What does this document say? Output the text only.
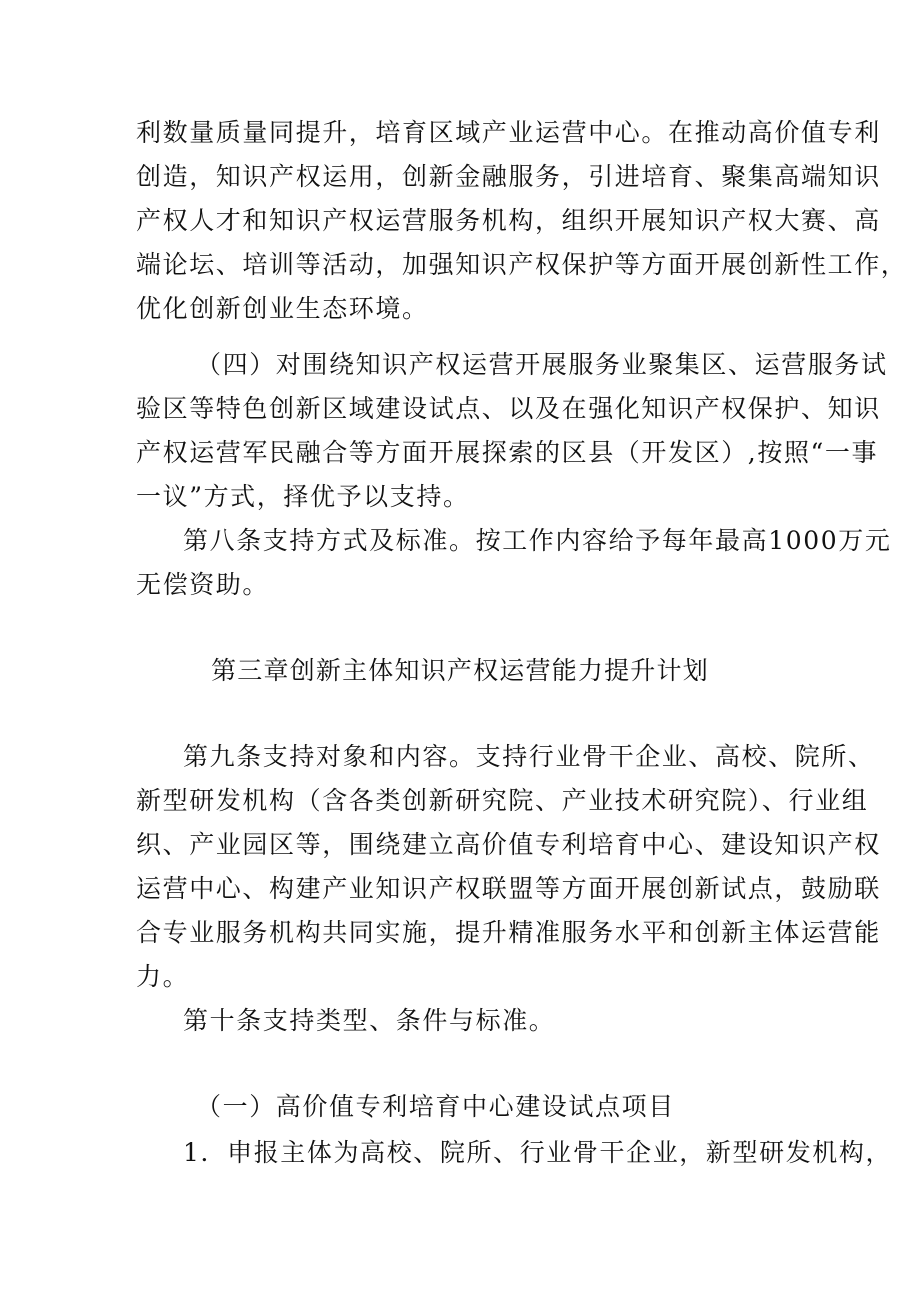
利数量质量同提升，培育区域产业运营中心。在推动高价值专利
创造，知识产权运用，创新金融服务，引进培育、聚集高端知识
产权人才和知识产权运营服务机构，组织开展知识产权大赛、高
端论坛、培训等活动，加强知识产权保护等方面开展创新性工作，
优化创新创业生态环境。
（四）对围绕知识产权运营开展服务业聚集区、运营服务试
验区等特色创新区域建设试点、以及在强化知识产权保护、知识
产权运营军民融合等方面开展探索的区县（开发区）,按照“一事
一议”方式，择优予以支持。
第八条支持方式及标准。按工作内容给予每年最高1000万元
无偿资助。
第三章创新主体知识产权运营能力提升计划
第九条支持对象和内容。支持行业骨干企业、高校、院所、
新型研发机构（含各类创新研究院、产业技术研究院）、行业组
织、产业园区等，围绕建立高价值专利培育中心、建设知识产权
运营中心、构建产业知识产权联盟等方面开展创新试点，鼓励联
合专业服务机构共同实施，提升精准服务水平和创新主体运营能
力。
第十条支持类型、条件与标准。
（一）高价值专利培育中心建设试点项目
1．申报主体为高校、院所、行业骨干企业，新型研发机构，
